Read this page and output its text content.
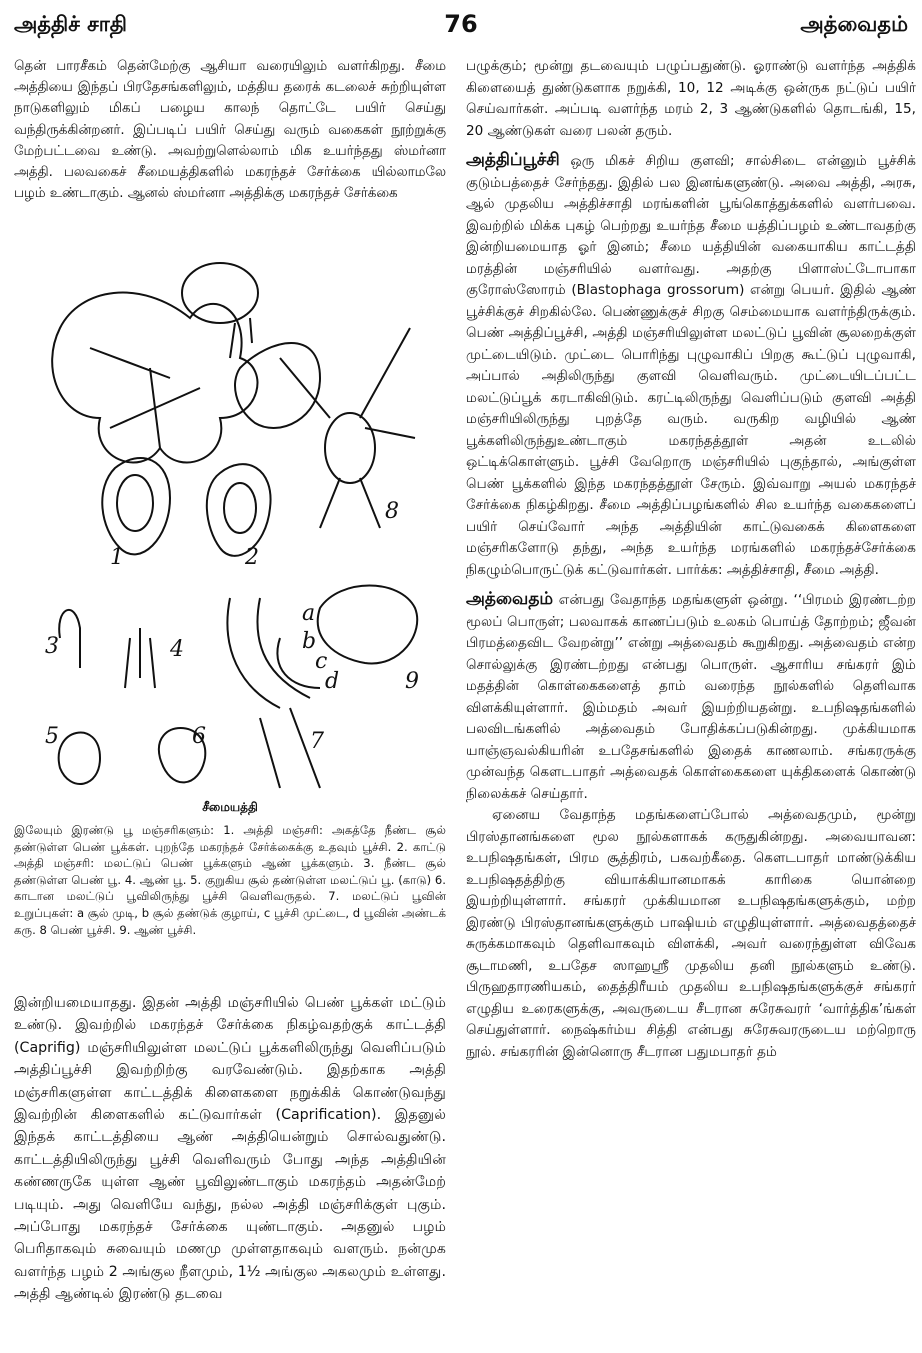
அத்திச் சாதி	76	அத்வைதம்

தென் பாரசீகம் தென்மேற்கு ஆசியா வரையிலும் வளர்கிறது. சீமை அத்தியை இந்தப் பிரதேசங்களிலும், மத்திய தரைக் கடலைச் சுற்றியுள்ள நாடுகளிலும் மிகப் பழைய காலந் தொட்டே பயிர் செய்து வந்திருக்கின்றனர். இப்படிப் பயிர் செய்து வரும் வகைகள் நூற்றுக்கு மேற்பட்டவை உண்டு. அவற்றுளெல்லாம் மிக உயர்ந்தது ஸ்மர்னா அத்தி. பலவகைச் சீமையத்திகளில் மகரந்தச் சேர்க்கை யில்லாமலே பழம் உண்டாகும். ஆனல் ஸ்மர்னா அத்திக்கு மகரந்தச் சேர்க்கை

1	2
3	4
5	6	7
8
9
a
b
c
d
சீமையத்தி

இலேயும் இரண்டு பூ மஞ்சரிகளும்: 1. அத்தி மஞ்சரி: அகத்தே நீண்ட சூல் தண்டுள்ள பெண் பூக்கள். புறந்தே மகரந்தச் சேர்க்கைக்கு உதவும் பூச்சி. 2. காட்டு அத்தி மஞ்சரி: மலட்டுப் பெண் பூக்களும் ஆண் பூக்களும். 3. நீண்ட சூல் தண்டுள்ள பெண் பூ. 4. ஆண் பூ. 5. குறுகிய சூல் தண்டுள்ள மலட்டுப் பூ. (காடு) 6. காடான மலட்டுப் பூவிலிருந்து பூச்சி வெளிவருதல். 7. மலட்டுப் பூவின் உறுப்புகள்: a சூல் முடி, b சூல் தண்டுக் குழாய், c பூச்சி முட்டை, d பூவின் அண்டக் கரு. 8 பெண் பூச்சி. 9. ஆண் பூச்சி.

இன்றியமையாதது. இதன் அத்தி மஞ்சரியில் பெண் பூக்கள் மட்டும் உண்டு. இவற்றில் மகரந்தச் சேர்க்கை நிகழ்வதற்குக் காட்டத்தி (Caprifig) மஞ்சரியிலுள்ள மலட்டுப் பூக்களிலிருந்து வெளிப்படும் அத்திப்பூச்சி இவற்றிற்கு வரவேண்டும். இதற்காக அத்தி மஞ்சரிகளுள்ள காட்டத்திக் கிளைகளை நறுக்கிக் கொண்டுவந்து இவற்றின் கிளைகளில் கட்டுவார்கள் (Caprification). இதனுல் இந்தக் காட்டத்தியை ஆண் அத்தியென்றும் சொல்வதுண்டு. காட்டத்தியிலிருந்து பூச்சி வெளிவரும் போது அந்த அத்தியின் கண்ணருகே யுள்ள ஆண் பூவிலுண்டாகும் மகரந்தம் அதன்மேற் படியும். அது வெளியே வந்து, நல்ல அத்தி மஞ்சரிக்குள் புகும். அப்போது மகரந்தச் சேர்க்கை யுண்டாகும். அதனுல் பழம் பெரிதாகவும் சுவையும் மணமு முள்ளதாகவும் வளரும். நன்முக வளர்ந்த பழம் 2 அங்குல நீளமும், 1½ அங்குல அகலமும் உள்ளது. அத்தி ஆண்டில் இரண்டு தடவை

பழுக்கும்; மூன்று தடவையும் பழுப்பதுண்டு. ஓராண்டு வளர்ந்த அத்திக் கிளையைத் துண்டுகளாக நறுக்கி, 10, 12 அடிக்கு ஒன்ருக நட்டுப் பயிர் செய்வார்கள். அப்படி வளர்ந்த மரம் 2, 3 ஆண்டுகளில் தொடங்கி, 15, 20 ஆண்டுகள் வரை பலன் தரும்.

அத்திப்பூச்சி ஒரு மிகச் சிறிய குளவி; சால்சிடை என்னும் பூச்சிக் குடும்பத்தைச் சேர்ந்தது. இதில் பல இனங்களுண்டு. அவை அத்தி, அரசு, ஆல் முதலிய அத்திச்சாதி மரங்களின் பூங்கொத்துக்களில் வளர்பவை. இவற்றில் மிக்க புகழ் பெற்றது உயர்ந்த சீமை யத்திப்பழம் உண்டாவதற்கு இன்றியமையாத ஓர் இனம்; சீமை யத்தியின் வகையாகிய காட்டத்தி மரத்தின் மஞ்சரியில் வளர்வது. அதற்கு பிளாஸ்ட்டோபாகா குரோஸ்ஸோரம் (Blastophaga grossorum) என்று பெயர். இதில் ஆண் பூச்சிக்குச் சிறகில்லே. பெண்ணுக்குச் சிறகு செம்மையாக வளர்ந்திருக்கும். பெண் அத்திப்பூச்சி, அத்தி மஞ்சரியிலுள்ள மலட்டுப் பூவின் சூலறைக்குள் முட்டையிடும். முட்டை பொரிந்து புழுவாகிப் பிறகு கூட்டுப் புழுவாகி, அப்பால் அதிலிருந்து குளவி வெளிவரும். முட்டையிடப்பட்ட மலட்டுப்பூக் கரடாகிவிடும். கரட்டிலிருந்து வெளிப்படும் குளவி அத்தி மஞ்சரியிலிருந்து புறத்தே வரும். வருகிற வழியில் ஆண் பூக்களிலிருந்துஉண்டாகும் மகரந்தத்தூள் அதன் உடலில் ஒட்டிக்கொள்ளும். பூச்சி வேறொரு மஞ்சரியில் புகுந்தால், அங்குள்ள பெண் பூக்களில் இந்த மகரந்தத்தூள் சேரும். இவ்வாறு அயல் மகரந்தச் சேர்க்கை நிகழ்கிறது. சீமை அத்திப்பழங்களில் சில உயர்ந்த வகைகளைப் பயிர் செய்வோர் அந்த அத்தியின் காட்டுவகைக் கிளைகளை மஞ்சரிகளோடு தந்து, அந்த உயர்ந்த மரங்களில் மகரந்தச்சேர்க்கை நிகழும்பொருட்டுக் கட்டுவார்கள். பார்க்க: அத்திச்சாதி, சீமை அத்தி.

அத்வைதம் என்பது வேதாந்த மதங்களுள் ஒன்று. ‘‘பிரமம் இரண்டற்ற மூலப் பொருள்; பலவாகக் காணப்படும் உலகம் பொய்த் தோற்றம்; ஜீவன் பிரமத்தைவிட வேறன்று’’ என்று அத்வைதம் கூறுகிறது. அத்வைதம் என்ற சொல்லுக்கு இரண்டற்றது என்பது பொருள். ஆசாரிய சங்கரர் இம் மதத்தின் கொள்கைகளைத் தாம் வரைந்த நூல்களில் தெளிவாக விளக்கியுள்ளார். இம்மதம் அவர் இயற்றியதன்று. உபநிஷதங்களில் பலவிடங்களில் அத்வைதம் போதிக்கப்படுகின்றது. முக்கியமாக யாஞ்ஞவல்கியரின் உபதேசங்களில் இதைக் காணலாம். சங்கரருக்கு முன்வந்த கௌடபாதர் அத்வைதக் கொள்கைகளை யுக்திகளைக் கொண்டு நிலைக்கச் செய்தார்.

ஏனைய வேதாந்த மதங்களைப்போல் அத்வைதமும், மூன்று பிரஸ்தானங்களை மூல நூல்களாகக் கருதுகின்றது. அவையாவன: உபநிஷதங்கள், பிரம சூத்திரம், பகவற்கீதை. கௌடபாதர் மாண்டுக்கிய உபநிஷதத்திற்கு வியாக்கியானமாகக் காரிகை யொன்றை இயற்றியுள்ளார். சங்கரர் முக்கியமான உபநிஷதங்களுக்கும், மற்ற இரண்டு பிரஸ்தானங்களுக்கும் பாஷியம் எழுதியுள்ளார். அத்வைதத்தைச் சுருக்கமாகவும் தெளிவாகவும் விளக்கி, அவர் வரைந்துள்ள விவேக சூடாமணி, உபதேச ஸாஹஸ்ரீ முதலிய தனி நூல்களும் உண்டு. பிருஹதாரணியகம், தைத்திரீயம் முதலிய உபநிஷதங்களுக்குச் சங்கரர் எழுதிய உரைகளுக்கு, அவருடைய சீடரான சுரேசுவரர் ‘வார்த்திக’ங்கள் செய்துள்ளார். நைஷ்கர்ம்ய சித்தி என்பது சுரேசுவரருடைய மற்றொரு நூல். சங்கரரின் இன்னொரு சீடரான பதுமபாதர் தம்
